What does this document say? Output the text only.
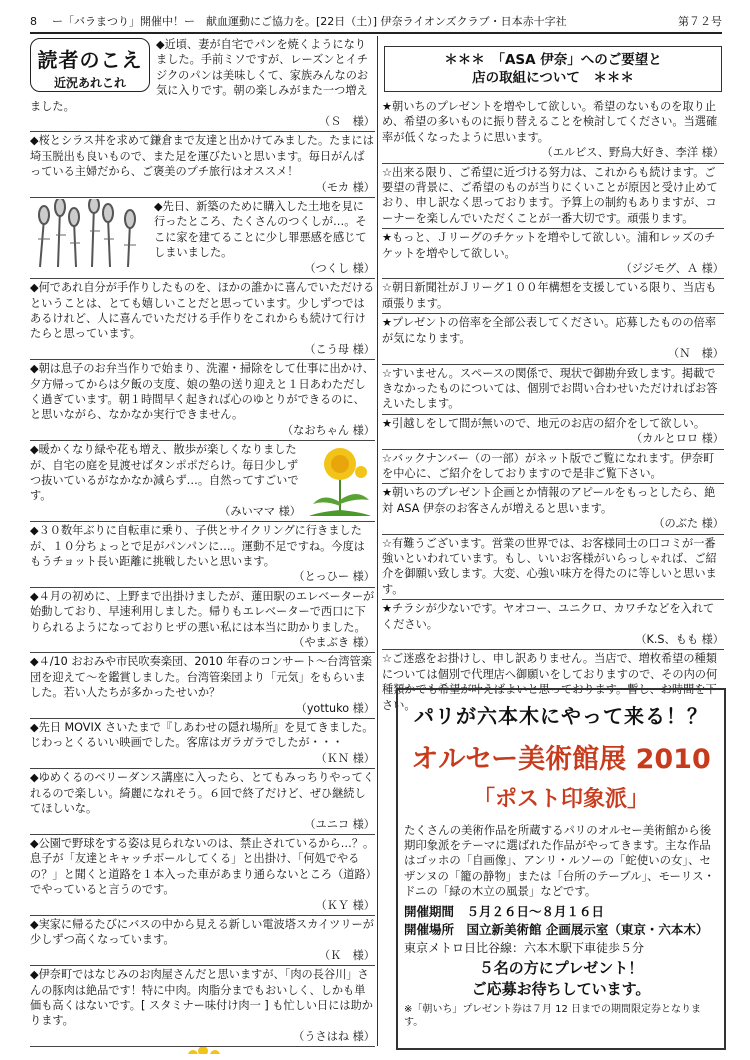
8	ー「バラまつり」開催中！ー　献血運動にご協力を。[22日（土）] 伊奈ライオンズクラブ・日本赤十字社	第７２号
読者のこえ
近況あれこれ
◆近頃、妻が自宅でパンを焼くようになりました。手前ミソですが、レーズンとイチジクのパンは美味しくて、家族みんなのお気に入りです。朝の楽しみがまた一つ増えました。
（Ｓ　様）
◆桜とシラス丼を求めて鎌倉まで友達と出かけてみました。たまには埼玉脱出も良いもので、また足を運びたいと思います。毎日がんばっている主婦だから、ご褒美のプチ旅行はオススメ！
（モカ 様）
◆先日、新築のために購入した土地を見に行ったところ、たくさんのつくしが…。そこに家を建てることに少し罪悪感を感じてしまいました。
（つくし 様）
◆何であれ自分が手作りしたものを、ほかの誰かに喜んでいただけるということは、とても嬉しいことだと思っています。少しずつではあるけれど、人に喜んでいただける手作りをこれからも続けて行けたらと思っています。
（こう母 様）
◆朝は息子のお弁当作りで始まり、洗濯・掃除をして仕事に出かけ、夕方帰ってからは夕飯の支度、娘の塾の送り迎えと１日あわただしく過ぎています。朝１時間早く起きれば心のゆとりができるのに、と思いながら、なかなか実行できません。
（なおちゃん 様）
◆暖かくなり緑や花も増え、散歩が楽しくなりましたが、自宅の庭を見渡せばタンポポだらけ。毎日少しずつ抜いているがなかなか減らず…。自然ってすごいです。
（みいママ 様）
◆３０数年ぶりに自転車に乗り、子供とサイクリングに行きましたが、１０分ちょっとで足がパンパンに…。運動不足ですね。今度はもうチョット長い距離に挑戦したいと思います。
（とっひー 様）
◆４月の初めに、上野まで出掛けましたが、蓮田駅のエレベーターが始動しており、早速利用しました。帰りもエレベーターで西口に下りられるようになっておりヒザの悪い私には本当に助かりました。
（やまぶき 様）
◆４/10 おおみや市民吹奏楽団、2010 年春のコンサート〜台湾管楽団を迎えて〜を鑑賞しました。台湾管楽団より「元気」をもらいました。若い人たちが多かったせいか？
（yottuko 様）
◆先日 MOVIX さいたまで『しあわせの隠れ場所』を見てきました。じわっとくるいい映画でした。客席はガラガラでしたが・・・
（ＫＮ 様）
◆ゆめくるのベリーダンス講座に入ったら、とてもみっちりやってくれるので楽しい。綺麗になれそう。６回で終了だけど、ぜひ継続してほしいな。
（ユニコ 様）
◆公園で野球をする姿は見られないのは、禁止されているから…？。息子が「友達とキャッチボールしてくる」と出掛け、「何処でやるの？」と聞くと道路を１本入った車があまり通らないところ（道路）でやっていると言うのです。
（ＫＹ 様）
◆実家に帰るたびにバスの中から見える新しい電波塔スカイツリーが少しずつ高くなっています。
（Ｋ　様）
◆伊奈町ではなじみのお肉屋さんだと思いますが、「肉の長谷川」さんの豚肉は絶品です！特に中肉。肉脂分までもおいしく、しかも単価も高くはないです。[ スタミナー味付け肉一 ] も忙しい日には助かります。
（うさはね 様）
＊＊＊　「ASA 伊奈」へのご要望と
店の取組について　＊＊＊
★朝いちのプレゼントを増やして欲しい。希望のないものを取り止め、希望の多いものに振り替えることを検討してください。当選確率が低くなったように思います。
（エルビス、野鳥大好き、李洋 様）
☆出来る限り、ご希望に近づける努力は、これからも続けます。ご要望の背景に、ご希望のものが当りにくいことが原因と受け止めており、申し訳なく思っております。予算上の制約もありますが、コーナーを楽しんでいただくことが一番大切です。頑張ります。
★もっと、Ｊリーグのチケットを増やして欲しい。浦和レッズのチケットを増やして欲しい。
（ジジモグ、Ａ 様）
☆朝日新聞社がＪリーグ１００年構想を支援している限り、当店も頑張ります。
★プレゼントの倍率を全部公表してください。応募したものの倍率が気になります。
（Ｎ　様）
☆すいません。スペースの関係で、現状で御勘弁致します。掲載できなかったものについては、個別でお問い合わせいただければお答えいたします。
★引越しをして間が無いので、地元のお店の紹介をして欲しい。
（カルとロロ 様）
☆バックナンバー（の一部）がネット版でご覧になれます。伊奈町を中心に、ご紹介をしておりますので是非ご覧下さい。
★朝いちのプレゼント企画とか情報のアピールをもっとしたら、絶対 ASA 伊奈のお客さんが増えると思います。
（のぶた 様）
☆有難うございます。営業の世界では、お客様同士の口コミが一番強いといわれています。もし、いいお客様がいらっしゃれば、ご紹介を御願い致します。大変、心強い味方を得たのに等しいと思います。
★チラシが少ないです。ヤオコー、ユニクロ、カワチなどを入れてください。
（K.S、もも 様）
☆ご迷惑をお掛けし、申し訳ありません。当店で、増枚希望の種類については個別で代理店へ御願いをしておりますので、その内の何種類かでも希望が叶えばよいと思っております。暫し、お時間を下さい。
パリが六本木にやって来る！？
オルセー美術館展 2010
「ポスト印象派」
たくさんの美術作品を所蔵するパリのオルセー美術館から後期印象派をテーマに選ばれた作品がやってきます。主な作品はゴッホの「自画像」、アンリ・ルソーの「蛇使いの女」、セザンヌの「籠の静物」または「台所のテーブル」、モーリス・ドニの「緑の木立の風景」などです。
開催期間　５月２６日〜８月１６日
開催場所　国立新美術館 企画展示室（東京・六本木）
東京メトロ日比谷線：六本木駅下車徒歩５分
５名の方にプレゼント！
ご応募お待ちしています。
※「朝いち」プレゼント券は７月 12 日までの期間限定券となります。
